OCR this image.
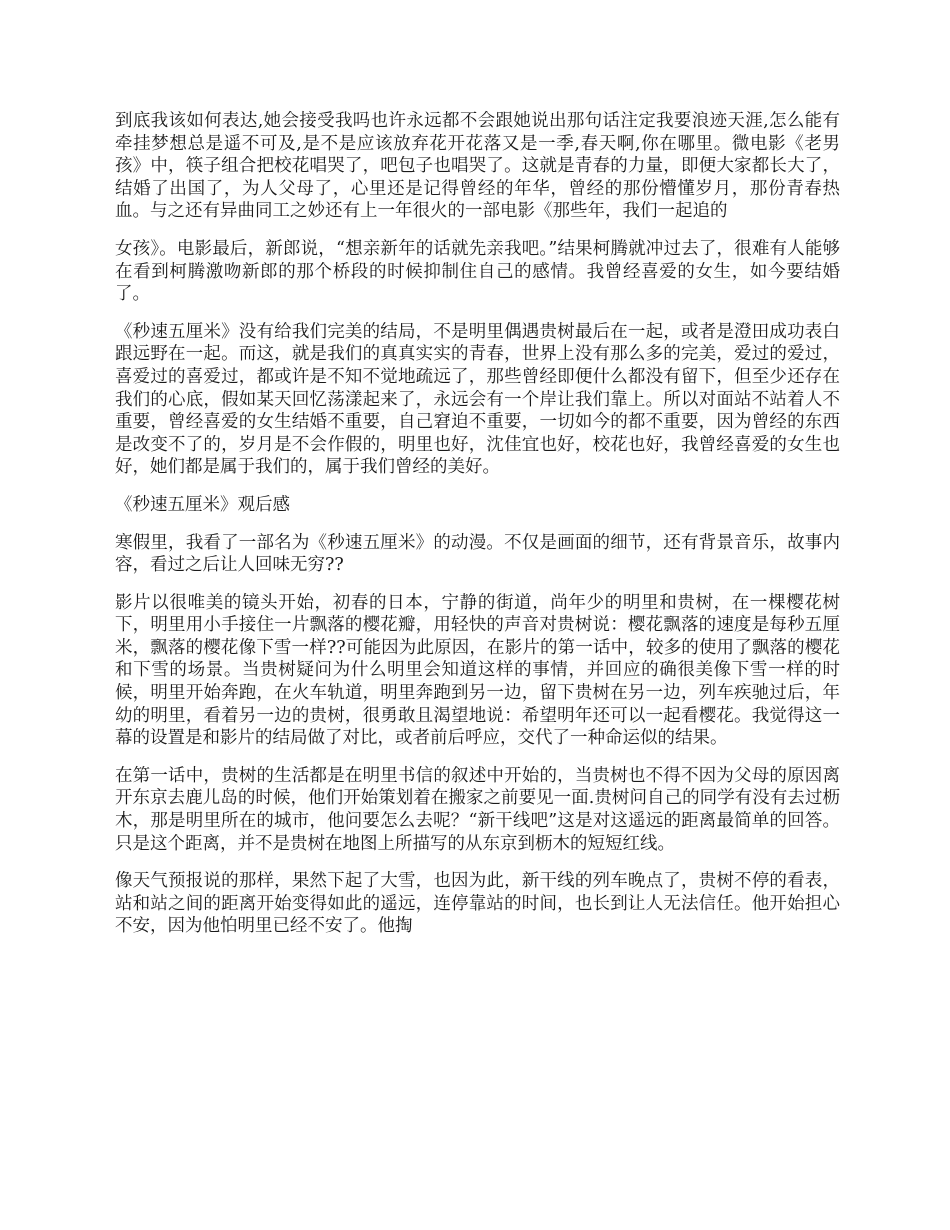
到底我该如何表达,她会接受我吗也许永远都不会跟她说出那句话注定我要浪迹天涯,怎么能有牵挂梦想总是遥不可及,是不是应该放弃花开花落又是一季,春天啊,你在哪里。微电影《老男孩》中，筷子组合把校花唱哭了，吧包子也唱哭了。这就是青春的力量，即便大家都长大了，结婚了出国了，为人父母了，心里还是记得曾经的年华，曾经的那份懵懂岁月，那份青春热血。与之还有异曲同工之妙还有上一年很火的一部电影《那些年，我们一起追的

女孩》。电影最后，新郎说，“想亲新年的话就先亲我吧。”结果柯腾就冲过去了，很难有人能够在看到柯腾激吻新郎的那个桥段的时候抑制住自己的感情。我曾经喜爱的女生，如今要结婚了。

《秒速五厘米》没有给我们完美的结局，不是明里偶遇贵树最后在一起，或者是澄田成功表白跟远野在一起。而这，就是我们的真真实实的青春，世界上没有那么多的完美，爱过的爱过，喜爱过的喜爱过，都或许是不知不觉地疏远了，那些曾经即便什么都没有留下，但至少还存在我们的心底，假如某天回忆荡漾起来了，永远会有一个岸让我们靠上。所以对面站不站着人不重要，曾经喜爱的女生结婚不重要，自己窘迫不重要，一切如今的都不重要，因为曾经的东西是改变不了的，岁月是不会作假的，明里也好，沈佳宜也好，校花也好，我曾经喜爱的女生也好，她们都是属于我们的，属于我们曾经的美好。

《秒速五厘米》观后感

寒假里，我看了一部名为《秒速五厘米》的动漫。不仅是画面的细节，还有背景音乐，故事内容，看过之后让人回味无穷??

影片以很唯美的镜头开始，初春的日本，宁静的街道，尚年少的明里和贵树，在一棵樱花树下，明里用小手接住一片飘落的樱花瓣，用轻快的声音对贵树说：樱花飘落的速度是每秒五厘米，飘落的樱花像下雪一样??可能因为此原因，在影片的第一话中，较多的使用了飘落的樱花和下雪的场景。当贵树疑问为什么明里会知道这样的事情，并回应的确很美像下雪一样的时候，明里开始奔跑，在火车轨道，明里奔跑到另一边，留下贵树在另一边，列车疾驰过后，年幼的明里，看着另一边的贵树，很勇敢且渴望地说：希望明年还可以一起看樱花。我觉得这一幕的设置是和影片的结局做了对比，或者前后呼应，交代了一种命运似的结果。

在第一话中，贵树的生活都是在明里书信的叙述中开始的，当贵树也不得不因为父母的原因离开东京去鹿儿岛的时候，他们开始策划着在搬家之前要见一面.贵树问自己的同学有没有去过枥木，那是明里所在的城市，他问要怎么去呢？“新干线吧”这是对这遥远的距离最简单的回答。只是这个距离，并不是贵树在地图上所描写的从东京到枥木的短短红线。

像天气预报说的那样，果然下起了大雪，也因为此，新干线的列车晚点了，贵树不停的看表，站和站之间的距离开始变得如此的遥远，连停靠站的时间，也长到让人无法信任。他开始担心不安，因为他怕明里已经不安了。他掏
